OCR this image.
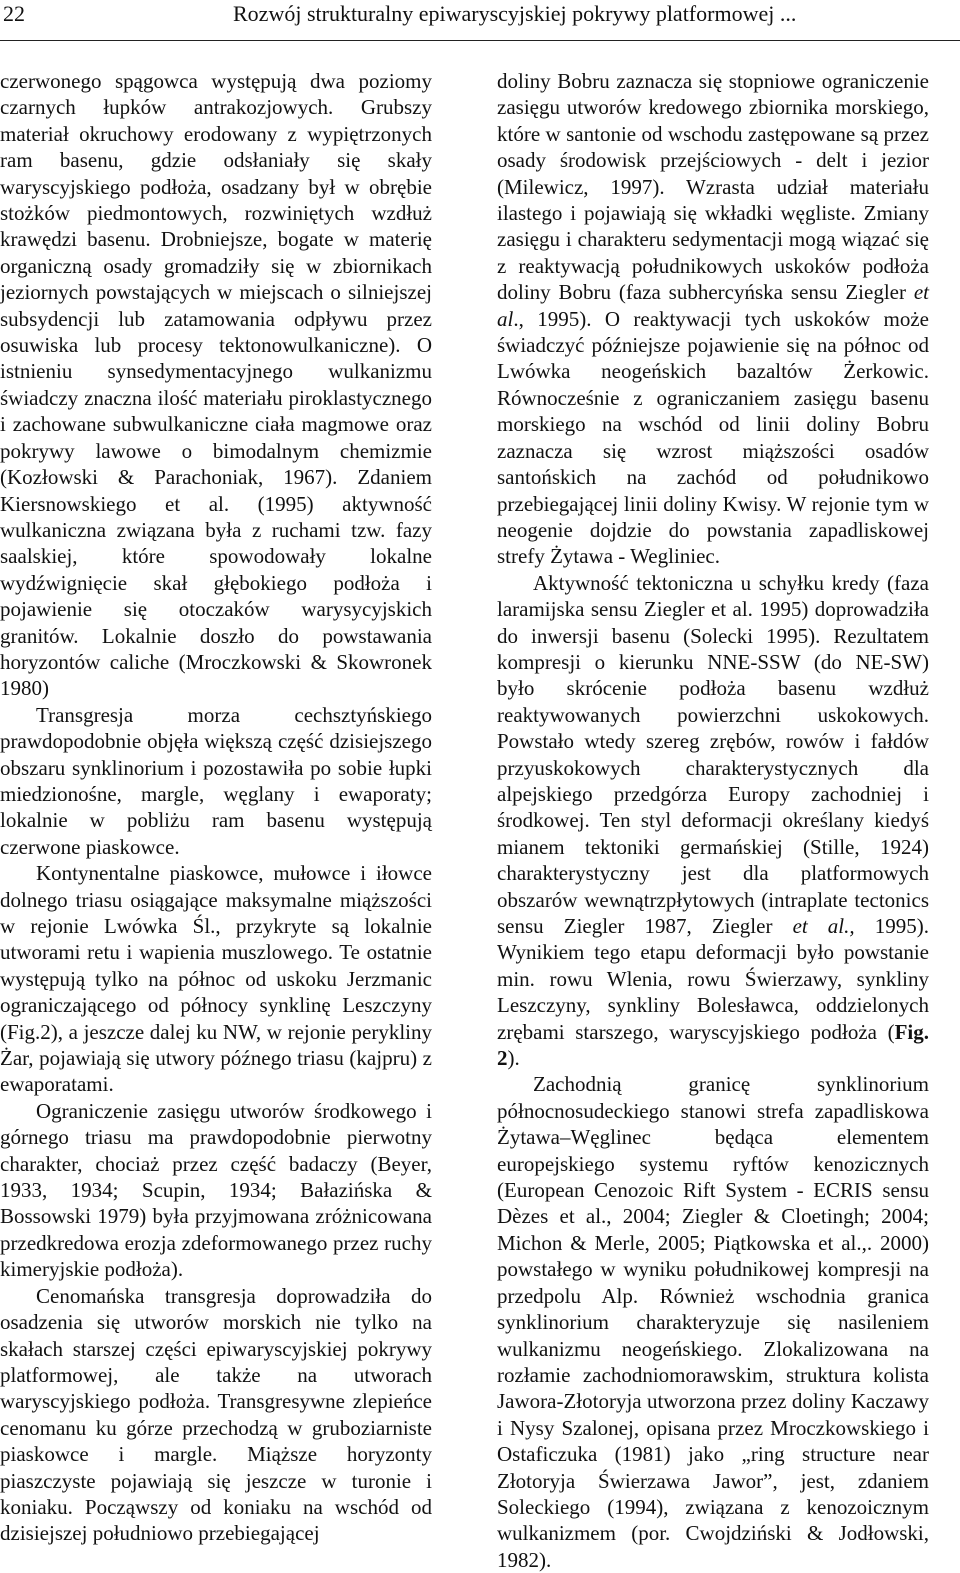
22	Rozwój strukturalny epiwaryscyjskiej pokrywy platformowej ...

czerwonego spągowca występują dwa poziomy czarnych łupków antrakozjowych. Grubszy materiał okruchowy erodowany z wypiętrzonych ram basenu, gdzie odsłaniały się skały waryscyjskiego podłoża, osadzany był w obrębie stożków piedmontowych, rozwiniętych wzdłuż krawędzi basenu. Drobniejsze, bogate w materię organiczną osady gromadziły się w zbiornikach jeziornych powstających w miejscach o silniejszej subsydencji lub zatamowania odpływu przez osuwiska lub procesy tektonowulkaniczne). O istnieniu synsedymentacyjnego wulkanizmu świadczy znaczna ilość materiału piroklastycznego i zachowane subwulkaniczne ciała magmowe oraz pokrywy lawowe o bimodalnym chemizmie (Kozłowski & Parachoniak, 1967). Zdaniem Kiersnowskiego et al. (1995) aktywność wulkaniczna związana była z ruchami tzw. fazy saalskiej, które spowodowały lokalne wydźwignięcie skał głębokiego podłoża i pojawienie się otoczaków warysycyjskich granitów. Lokalnie doszło do powstawania horyzontów caliche (Mroczkowski & Skowronek 1980)

Transgresja morza cechsztyńskiego prawdopodobnie objęła większą część dzisiejszego obszaru synklinorium i pozostawiła po sobie łupki miedzionośne, margle, węglany i ewaporaty; lokalnie w pobliżu ram basenu występują czerwone piaskowce.

Kontynentalne piaskowce, mułowce i iłowce dolnego triasu osiągające maksymalne miąższości w rejonie Lwówka Śl., przykryte są lokalnie utworami retu i wapienia muszlowego. Te ostatnie występują tylko na północ od uskoku Jerzmanic ograniczającego od północy synklinę Leszczyny (Fig.2), a jeszcze dalej ku NW, w rejonie perykliny Żar, pojawiają się utwory późnego triasu (kajpru) z ewaporatami.

Ograniczenie zasięgu utworów środkowego i górnego triasu ma prawdopodobnie pierwotny charakter, chociaż przez część badaczy (Beyer, 1933, 1934; Scupin, 1934; Bałazińska & Bossowski 1979) była przyjmowana zróżnicowana przedkredowa erozja zdeformowanego przez ruchy kimeryjskie podłoża).

Cenomańska transgresja doprowadziła do osadzenia się utworów morskich nie tylko na skałach starszej części epiwaryscyjskiej pokrywy platformowej, ale także na utworach waryscyjskiego podłoża. Transgresywne zlepieńce cenomanu ku górze przechodzą w gruboziarniste piaskowce i margle. Miąższe horyzonty piaszczyste pojawiają się jeszcze w turonie i koniaku. Począwszy od koniaku na wschód od dzisiejszej południowo przebiegającej

doliny Bobru zaznacza się stopniowe ograniczenie zasięgu utworów kredowego zbiornika morskiego, które w santonie od wschodu zastępowane są przez osady środowisk przejściowych - delt i jezior (Milewicz, 1997). Wzrasta udział materiału ilastego i pojawiają się wkładki węgliste. Zmiany zasięgu i charakteru sedymentacji mogą wiązać się z reaktywacją południkowych uskoków podłoża doliny Bobru (faza subhercyńska sensu Ziegler et al., 1995). O reaktywacji tych uskoków może świadczyć późniejsze pojawienie się na północ od Lwówka neogeńskich bazaltów Żerkowic. Równocześnie z ograniczaniem zasięgu basenu morskiego na wschód od linii doliny Bobru zaznacza się wzrost miąższości osadów santońskich na zachód od południkowo przebiegającej linii doliny Kwisy. W rejonie tym w neogenie dojdzie do powstania zapadliskowej strefy Żytawa - Wegliniec.

Aktywność tektoniczna u schyłku kredy (faza laramijska sensu Ziegler et al. 1995) doprowadziła do inwersji basenu (Solecki 1995). Rezultatem kompresji o kierunku NNE-SSW (do NE-SW) było skrócenie podłoża basenu wzdłuż reaktywowanych powierzchni uskokowych. Powstało wtedy szereg zrębów, rowów i fałdów przyuskokowych charakterystycznych dla alpejskiego przedgórza Europy zachodniej i środkowej. Ten styl deformacji określany kiedyś mianem tektoniki germańskiej (Stille, 1924) charakterystyczny jest dla platformowych obszarów wewnątrzpłytowych (intraplate tectonics sensu Ziegler 1987, Ziegler et al., 1995). Wynikiem tego etapu deformacji było powstanie min. rowu Wlenia, rowu Świerzawy, synkliny Leszczyny, synkliny Bolesławca, oddzielonych zrębami starszego, waryscyjskiego podłoża (Fig. 2).

Zachodnią granicę synklinorium północnosudeckiego stanowi strefa zapadliskowa Żytawa–Węglinec będąca elementem europejskiego systemu ryftów kenozicznych (European Cenozoic Rift System - ECRIS sensu Dèzes et al., 2004; Ziegler & Cloetingh; 2004; Michon & Merle, 2005; Piątkowska et al.,. 2000) powstałego w wyniku południkowej kompresji na przedpolu Alp. Również wschodnia granica synklinorium charakteryzuje się nasileniem wulkanizmu neogeńskiego. Zlokalizowana na rozłamie zachodniomorawskim, struktura kolista Jawora-Złotoryja utworzona przez doliny Kaczawy i Nysy Szalonej, opisana przez Mroczkowskiego i Ostaficzuka (1981) jako „ring structure near Złotoryja Świerzawa Jawor”, jest, zdaniem Soleckiego (1994), związana z kenozoicznym wulkanizmem (por. Cwojdziński & Jodłowski, 1982).
